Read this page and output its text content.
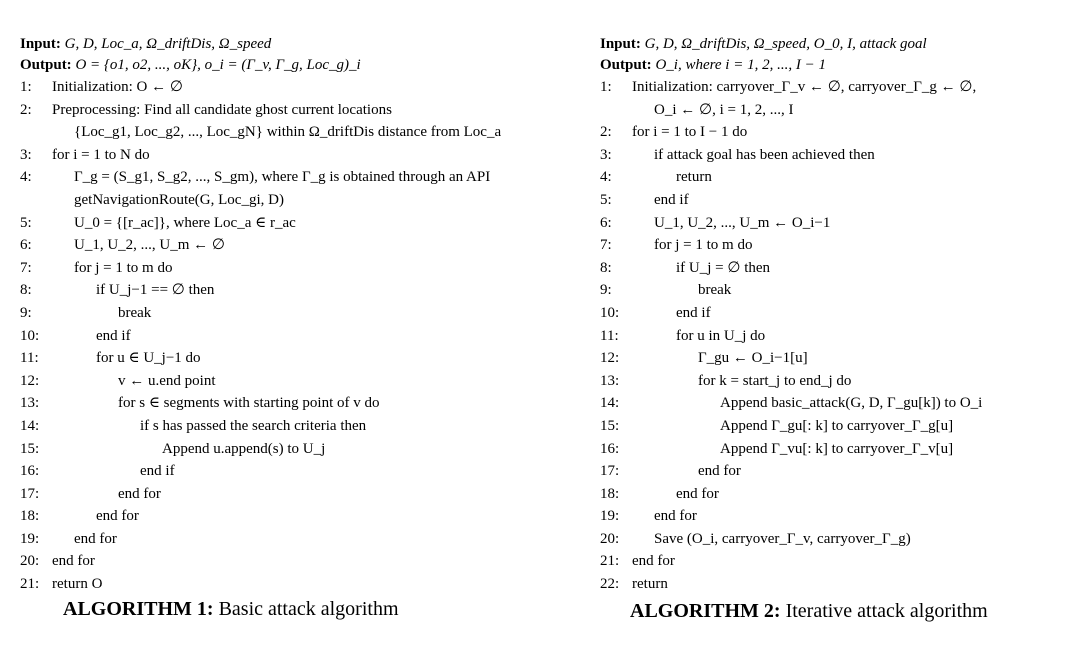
Input: G, D, Loc_a, Ω_driftDis, Ω_speed
Output: O = {o1, o2, ..., oK}, o_i = (Γ_v, Γ_g, Loc_g)_i
1: Initialization: O ← ∅
2: Preprocessing: Find all candidate ghost current locations
{Loc_g1, Loc_g2, ..., Loc_gN} within Ω_driftDis distance from Loc_a
3: for i = 1 to N do
4:	Γ_g = (S_g1, S_g2, ..., S_gm), where Γ_g is obtained through an API
getNavigationRoute(G, Loc_gi, D)
5:	U_0 = {[r_ac]}, where Loc_a ∈ r_ac
6:	U_1, U_2, ..., U_m ← ∅
7:	for j = 1 to m do
8:	if U_j−1 == ∅ then
9:	break
10:	end if
11:	for u ∈ U_j−1 do
12:	v ← u.end point
13:	for s ∈ segments with starting point of v do
14:	if s has passed the search criteria then
15:	Append u.append(s) to U_j
16:	end if
17:	end for
18:	end for
19: end for
20: end for
21: return O
Input: G, D, Ω_driftDis, Ω_speed, O_0, I, attack goal
Output: O_i, where i = 1, 2, ..., I − 1
1: Initialization: carryover_Γ_v ← ∅, carryover_Γ_g ← ∅,
O_i ← ∅, i = 1, 2, ..., I
2: for i = 1 to I − 1 do
3:	if attack goal has been achieved then
4:	return
5:	end if
6:	U_1, U_2, ..., U_m ← O_i−1
7:	for j = 1 to m do
8:	if U_j = ∅ then
9:	break
10:	end if
11:	for u in U_j do
12:	Γ_gu ← O_i−1[u]
13:	for k = start_j to end_j do
14:	Append basic_attack(G, D, Γ_gu[k]) to O_i
15:	Append Γ_gu[: k] to carryover_Γ_g[u]
16:	Append Γ_vu[: k] to carryover_Γ_v[u]
17:	end for
18:	end for
19: end for
20: Save (O_i, carryover_Γ_v, carryover_Γ_g)
21: end for
22: return
ALGORITHM 1: Basic attack algorithm	ALGORITHM 2: Iterative attack algorithm
